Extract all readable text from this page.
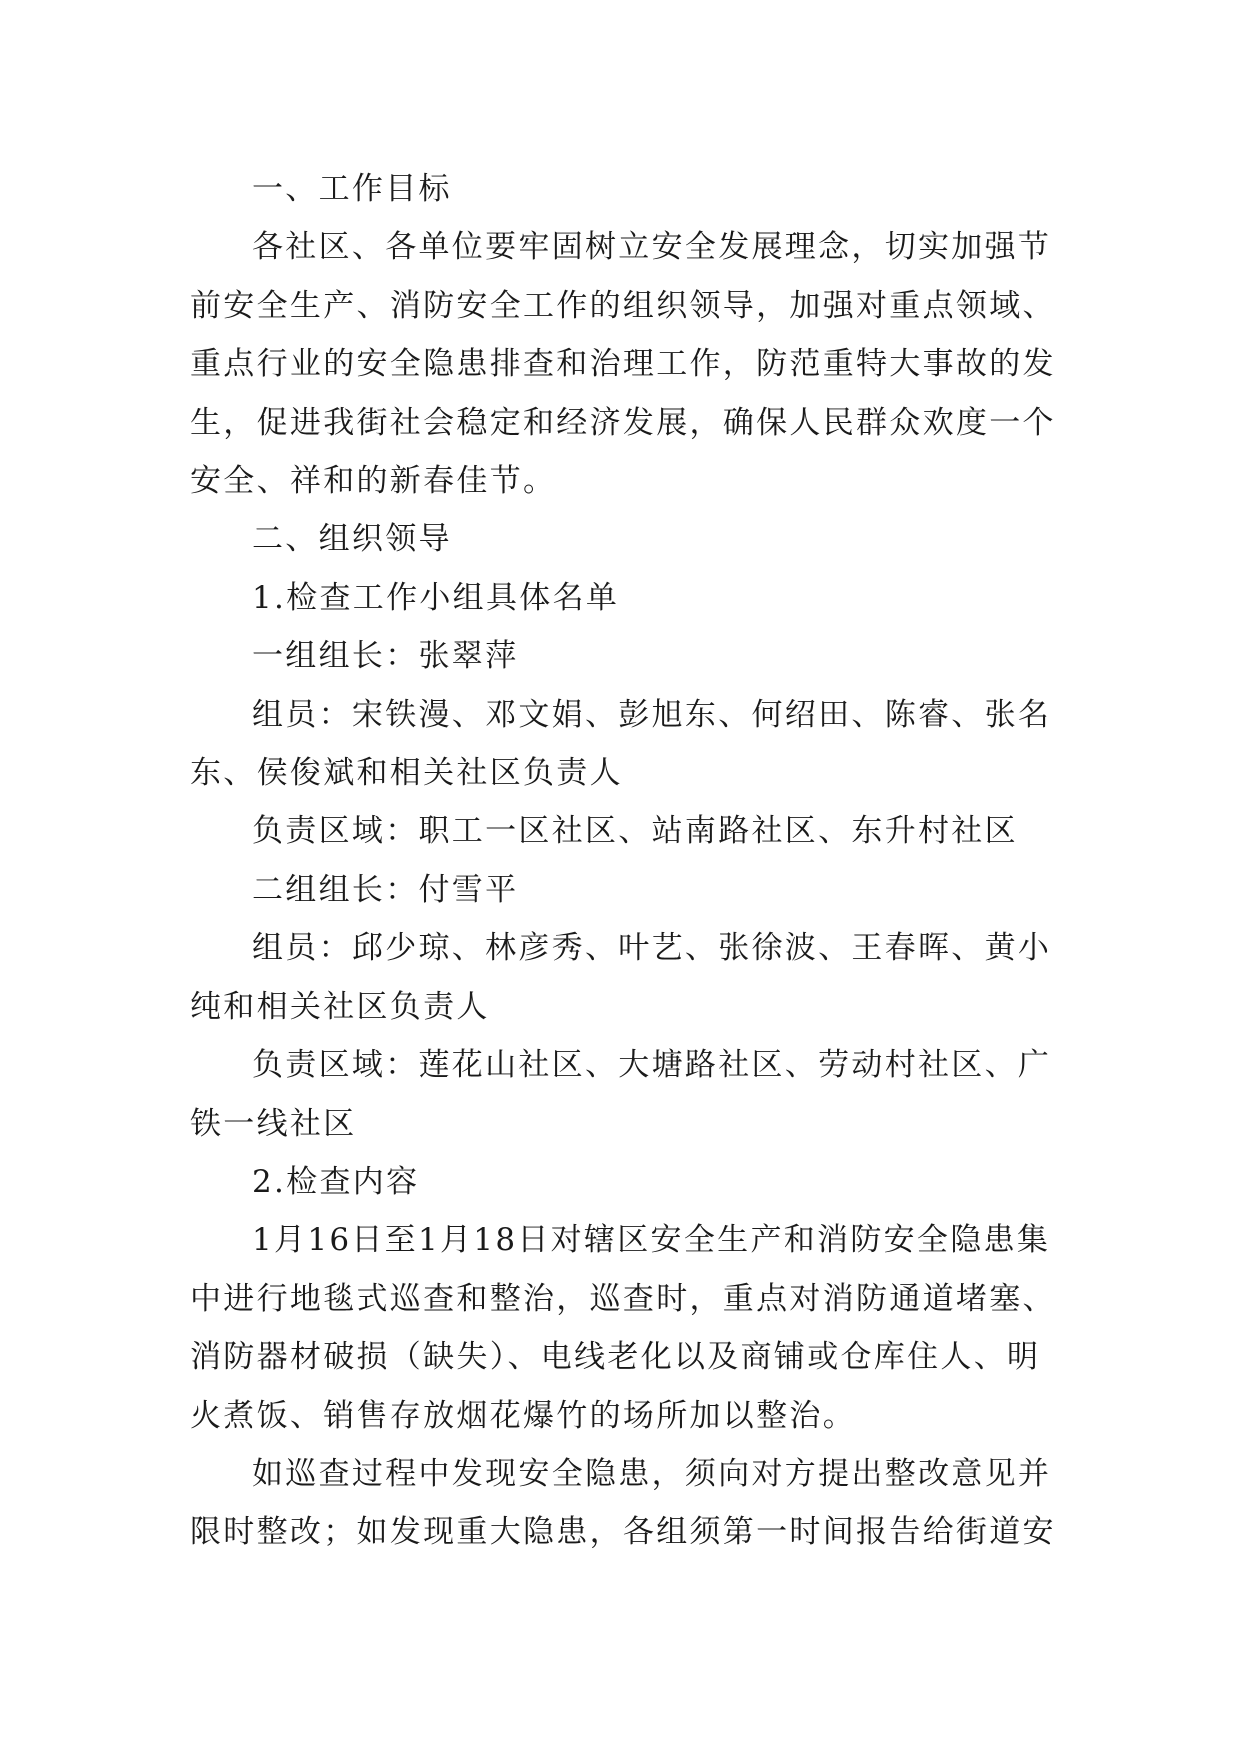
一、工作目标

各社区、各单位要牢固树立安全发展理念，切实加强节前安全生产、消防安全工作的组织领导，加强对重点领域、重点行业的安全隐患排查和治理工作，防范重特大事故的发生，促进我街社会稳定和经济发展，确保人民群众欢度一个安全、祥和的新春佳节。

二、组织领导

1.检查工作小组具体名单

一组组长：张翠萍

组员：宋铁漫、邓文娟、彭旭东、何绍田、陈睿、张名东、侯俊斌和相关社区负责人

负责区域：职工一区社区、站南路社区、东升村社区

二组组长：付雪平

组员：邱少琼、林彦秀、叶艺、张徐波、王春晖、黄小纯和相关社区负责人

负责区域：莲花山社区、大塘路社区、劳动村社区、广铁一线社区

2.检查内容

1月16日至1月18日对辖区安全生产和消防安全隐患集中进行地毯式巡查和整治，巡查时，重点对消防通道堵塞、消防器材破损（缺失）、电线老化以及商铺或仓库住人、明火煮饭、销售存放烟花爆竹的场所加以整治。

如巡查过程中发现安全隐患，须向对方提出整改意见并限时整改；如发现重大隐患，各组须第一时间报告给街道安
